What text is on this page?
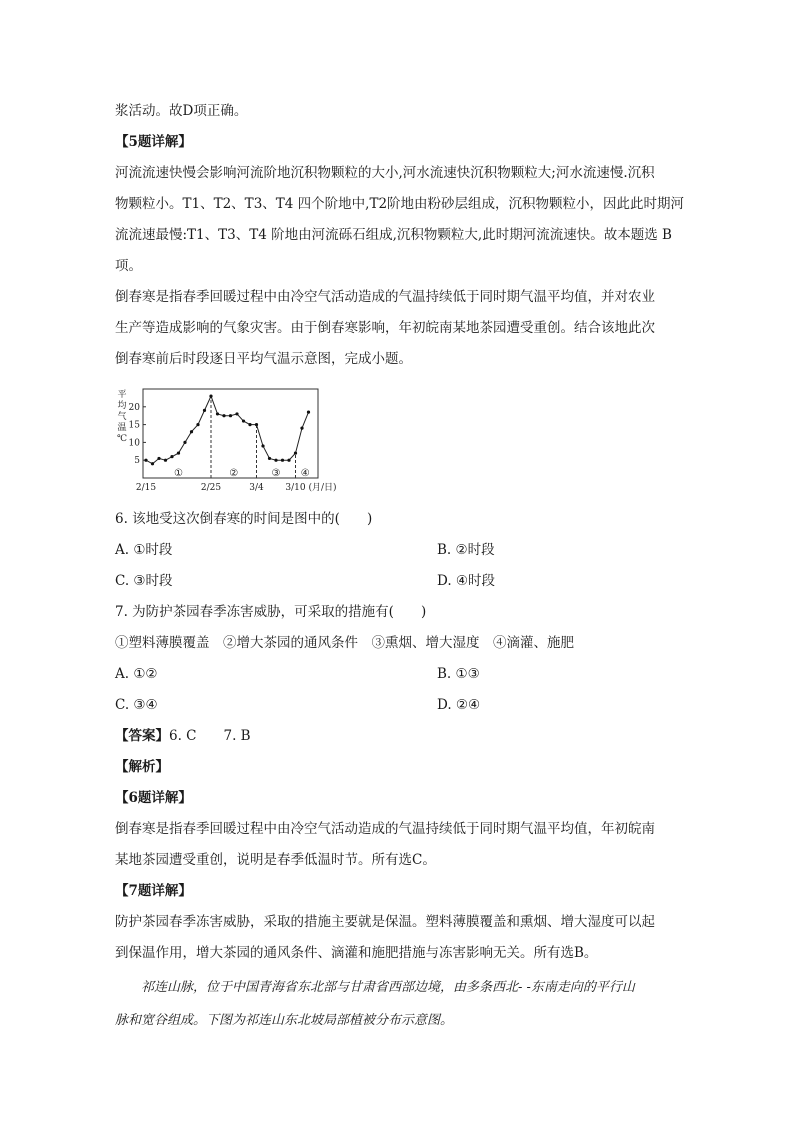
浆活动。故D项正确。
【5题详解】
河流流速快慢会影响河流阶地沉积物颗粒的大小,河水流速快沉积物颗粒大;河水流速慢.沉积
物颗粒小。T1、T2、T3、T4 四个阶地中,T2阶地由粉砂层组成，沉积物颗粒小，因此此时期河
流流速最慢:T1、T3、T4 阶地由河流砾石组成,沉积物颗粒大,此时期河流流速快。故本题选 B
项。
倒春寒是指春季回暖过程中由冷空气活动造成的气温持续低于同时期气温平均值，并对农业
生产等造成影响的气象灾害。由于倒春寒影响，年初皖南某地茶园遭受重创。结合该地此次
倒春寒前后时段逐日平均气温示意图，完成小题。
平
均
气
温
℃
5
10
15
20
①	②	③ ④
2/15	2/25	3/4 3/10 (月/日)
6. 该地受这次倒春寒的时间是图中的(　　)
A. ①时段	B. ②时段
C. ③时段	D. ④时段
7. 为防护茶园春季冻害威胁，可采取的措施有(　　)
①塑料薄膜覆盖　②增大茶园的通风条件　③熏烟、增大湿度　④滴灌、施肥
A. ①②	B. ①③
C. ③④	D. ②④
【答案】6. C　　7. B
【解析】
【6题详解】
倒春寒是指春季回暖过程中由冷空气活动造成的气温持续低于同时期气温平均值，年初皖南
某地茶园遭受重创，说明是春季低温时节。所有选C。
【7题详解】
防护茶园春季冻害威胁，采取的措施主要就是保温。塑料薄膜覆盖和熏烟、增大湿度可以起
到保温作用，增大茶园的通风条件、滴灌和施肥措施与冻害影响无关。所有选B。
　　祁连山脉，位于中国青海省东北部与甘肃省西部边境，由多条西北- -东南走向的平行山
脉和宽谷组成。下图为祁连山东北坡局部植被分布示意图。
